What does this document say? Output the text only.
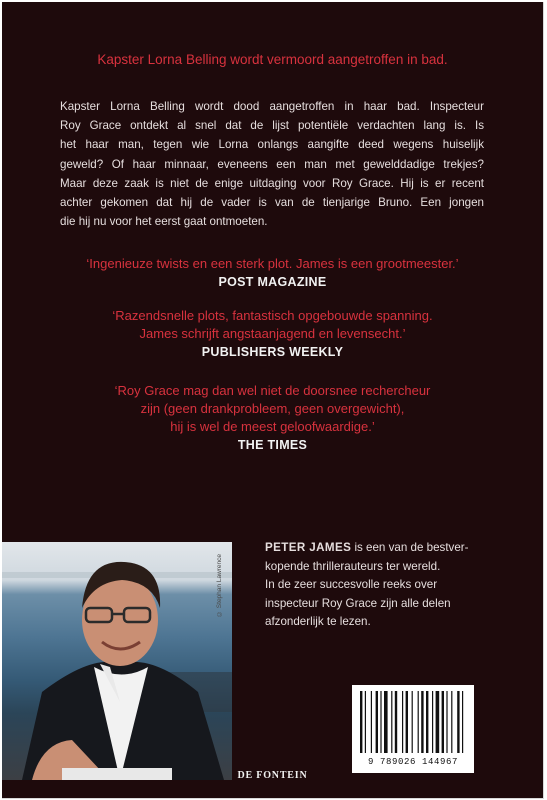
Kapster Lorna Belling wordt vermoord aangetroffen in bad.
Kapster Lorna Belling wordt dood aangetroffen in haar bad. Inspecteur
Roy Grace ontdekt al snel dat de lijst potentiële verdachten lang is. Is
het haar man, tegen wie Lorna onlangs aangifte deed wegens huiselijk
geweld? Of haar minnaar, eveneens een man met gewelddadige trekjes?
Maar deze zaak is niet de enige uitdaging voor Roy Grace. Hij is er recent
achter gekomen dat hij de vader is van de tienjarige Bruno. Een jongen
die hij nu voor het eerst gaat ontmoeten.
‘Ingenieuze twists en een sterk plot. James is een grootmeester.’
POST MAGAZINE
‘Razendsnelle plots, fantastisch opgebouwde spanning.
James schrijft angstaanjagend en levensecht.’
PUBLISHERS WEEKLY
‘Roy Grace mag dan wel niet de doorsnee rechercheur
zijn (geen drankprobleem, geen overgewicht),
hij is wel de meest geloofwaardige.’
THE TIMES
© Stephan Lawrence
PETER JAMES is een van de bestver-
kopende thrillerauteurs ter wereld.
In de zeer succesvolle reeks over
inspecteur Roy Grace zijn alle delen
afzonderlijk te lezen.
9 789026 144967
DE FONTEIN
